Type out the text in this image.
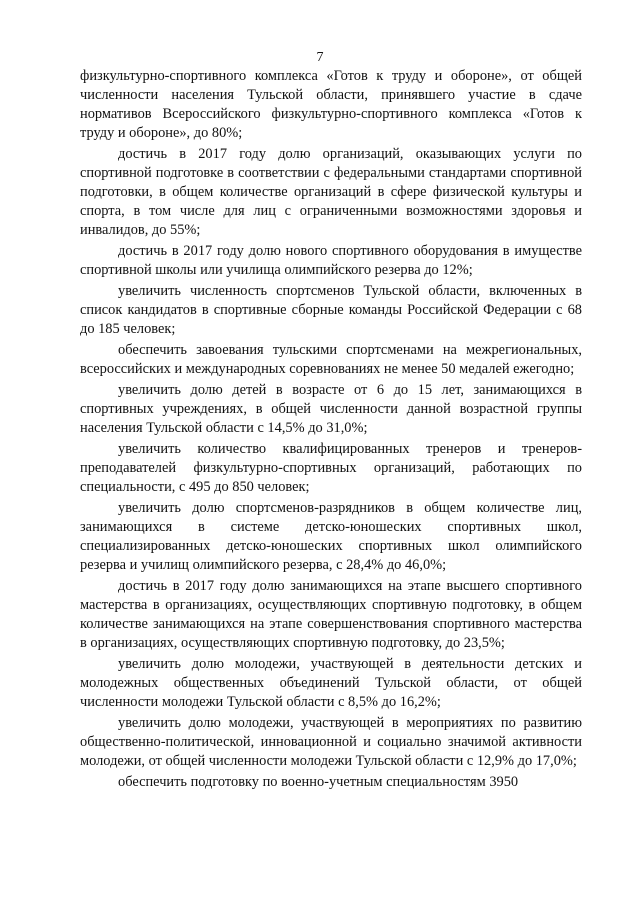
7

физкультурно-спортивного комплекса «Готов к труду и обороне», от общей численности населения Тульской области, принявшего участие в сдаче нормативов Всероссийского физкультурно-спортивного комплекса «Готов к труду и обороне», до 80%;

достичь в 2017 году долю организаций, оказывающих услуги по спортивной подготовке в соответствии с федеральными стандартами спортивной подготовки, в общем количестве организаций в сфере физической культуры и спорта, в том числе для лиц с ограниченными возможностями здоровья и инвалидов, до 55%;

достичь в 2017 году долю нового спортивного оборудования в имуществе спортивной школы или училища олимпийского резерва до 12%;

увеличить численность спортсменов Тульской области, включенных в список кандидатов в спортивные сборные команды Российской Федерации с 68 до 185 человек;

обеспечить завоевания тульскими спортсменами на межрегиональных, всероссийских и международных соревнованиях не менее 50 медалей ежегодно;

увеличить долю детей в возрасте от 6 до 15 лет, занимающихся в спортивных учреждениях, в общей численности данной возрастной группы населения Тульской области с 14,5% до 31,0%;

увеличить количество квалифицированных тренеров и тренеров-преподавателей физкультурно-спортивных организаций, работающих по специальности, с 495 до 850 человек;

увеличить долю спортсменов-разрядников в общем количестве лиц, занимающихся в системе детско-юношеских спортивных школ, специализированных детско-юношеских спортивных школ олимпийского резерва и училищ олимпийского резерва, с 28,4% до 46,0%;

достичь в 2017 году долю занимающихся на этапе высшего спортивного мастерства в организациях, осуществляющих спортивную подготовку, в общем количестве занимающихся на этапе совершенствования спортивного мастерства в организациях, осуществляющих спортивную подготовку, до 23,5%;

увеличить долю молодежи, участвующей в деятельности детских и молодежных общественных объединений Тульской области, от общей численности молодежи Тульской области с 8,5% до 16,2%;

увеличить долю молодежи, участвующей в мероприятиях по развитию общественно-политической, инновационной и социально значимой активности молодежи, от общей численности молодежи Тульской области с 12,9% до 17,0%;

обеспечить подготовку по военно-учетным специальностям 3950
